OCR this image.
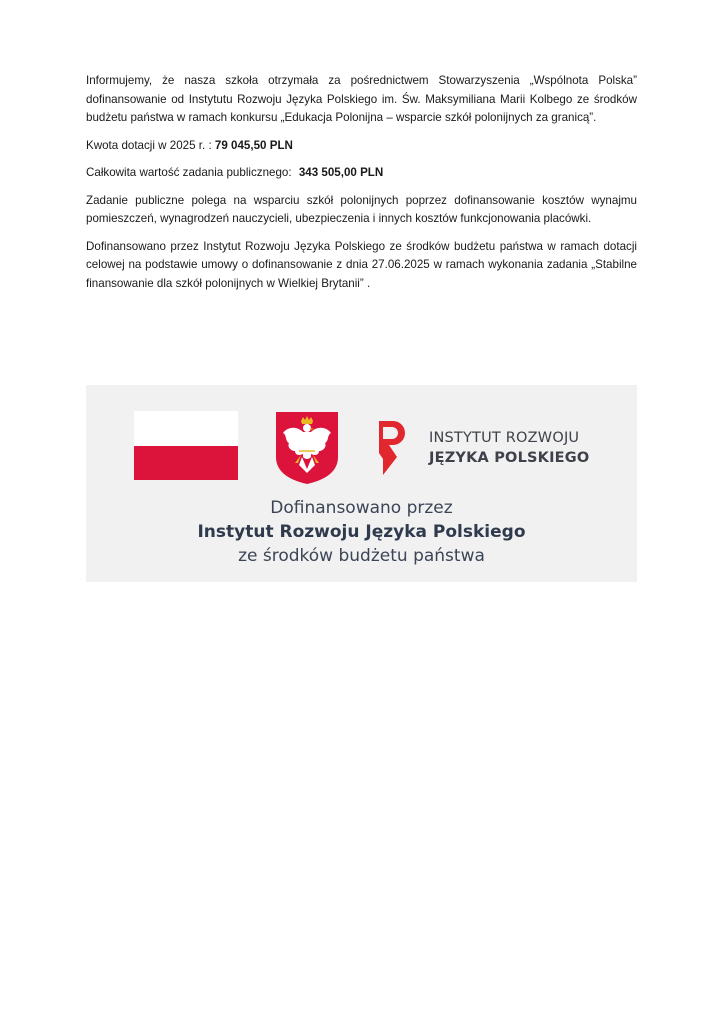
Informujemy, że nasza szkoła otrzymała za pośrednictwem Stowarzyszenia „Wspólnota Polska” dofinansowanie od Instytutu Rozwoju Języka Polskiego im. Św. Maksymiliana Marii Kolbego ze środków budżetu państwa w ramach konkursu „Edukacja Polonijna – wsparcie szkół polonijnych za granicą”.

Kwota dotacji w 2025 r. : 79 045,50 PLN

Całkowita wartość zadania publicznego: 343 505,00 PLN

Zadanie publiczne polega na wsparciu szkół polonijnych poprzez dofinansowanie kosztów wynajmu pomieszczeń, wynagrodzeń nauczycieli, ubezpieczenia i innych kosztów funkcjonowania placówki.

Dofinansowano przez Instytut Rozwoju Języka Polskiego ze środków budżetu państwa w ramach dotacji celowej na podstawie umowy o dofinansowanie z dnia 27.06.2025 w ramach wykonania zadania „Stabilne finansowanie dla szkół polonijnych w Wielkiej Brytanii” .

INSTYTUT ROZWOJU
JĘZYKA POLSKIEGO
Dofinansowano przez
Instytut Rozwoju Języka Polskiego
ze środków budżetu państwa
